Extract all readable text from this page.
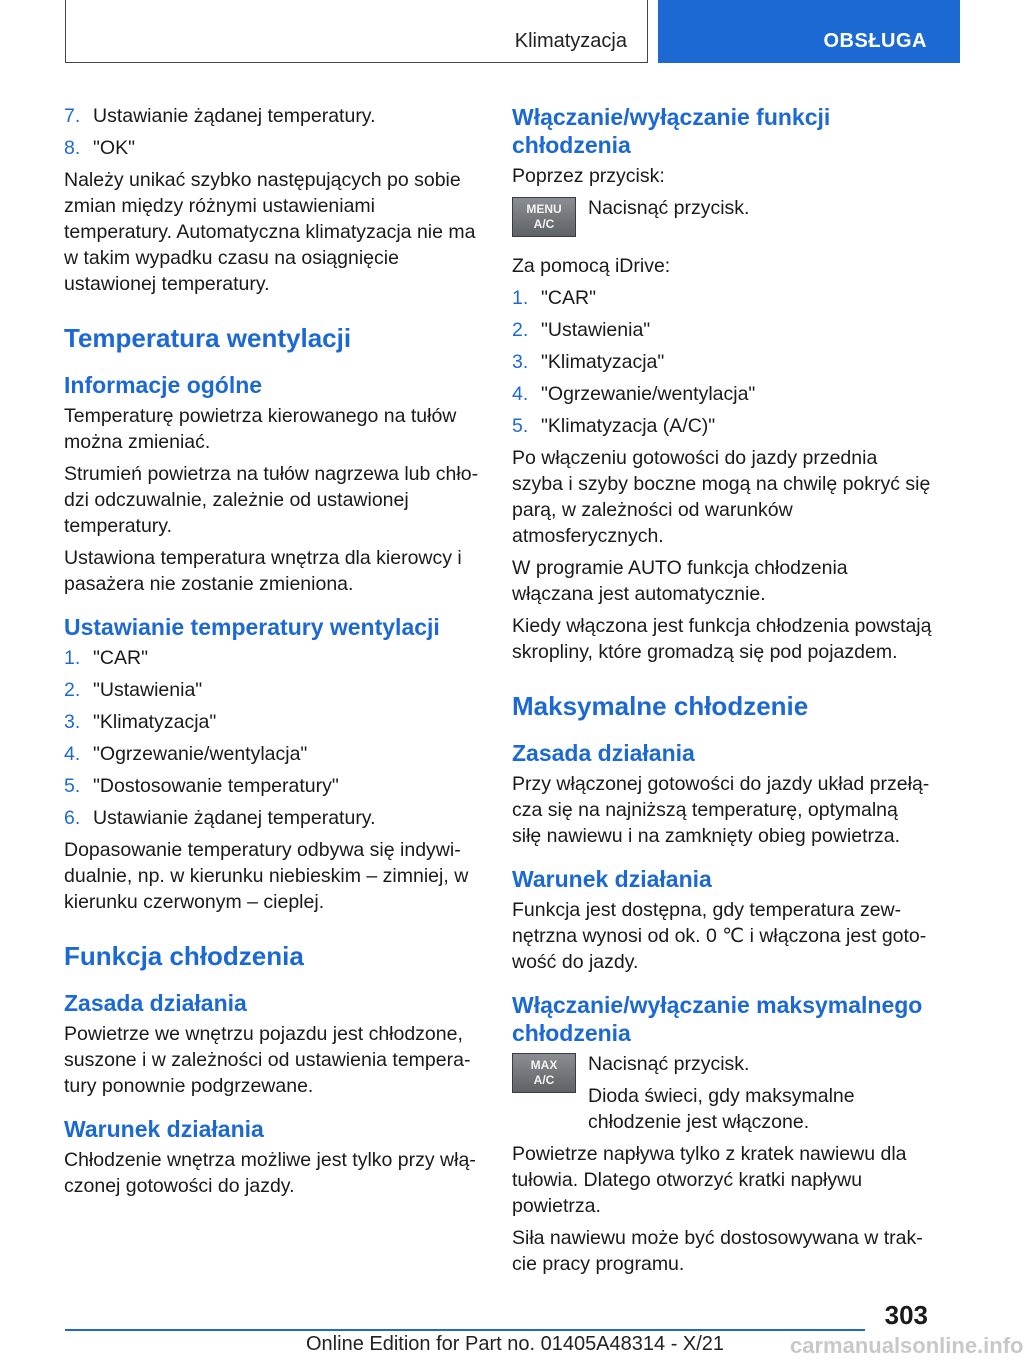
Klimatyzacja	OBSŁUGA
7. Ustawianie żądanej temperatury.
8. "OK"

Należy unikać szybko następujących po sobie zmian między różnymi ustawieniami temperatury. Automatyczna klimatyzacja nie ma w takim wypadku czasu na osiągnięcie ustawionej temperatury.

Temperatura wentylacji
Informacje ogólne

Temperaturę powietrza kierowanego na tułów można zmieniać.

Strumień powietrza na tułów nagrzewa lub chłodzi odczuwalnie, zależnie od ustawionej temperatury.

Ustawiona temperatura wnętrza dla kierowcy i pasażera nie zostanie zmieniona.

Ustawianie temperatury wentylacji
1. "CAR"
2. "Ustawienia"
3. "Klimatyzacja"
4. "Ogrzewanie/wentylacja"
5. "Dostosowanie temperatury"
6. Ustawianie żądanej temperatury.

Dopasowanie temperatury odbywa się indywidualnie, np. w kierunku niebieskim – zimniej, w kierunku czerwonym – cieplej.

Funkcja chłodzenia
Zasada działania

Powietrze we wnętrzu pojazdu jest chłodzone, suszone i w zależności od ustawienia temperatury ponownie podgrzewane.

Warunek działania

Chłodzenie wnętrza możliwe jest tylko przy włączonej gotowości do jazdy.

Włączanie/wyłączanie funkcji chłodzenia

Poprzez przycisk:

MENU
A/C

Nacisnąć przycisk.

Za pomocą iDrive:

1. "CAR"
2. "Ustawienia"
3. "Klimatyzacja"
4. "Ogrzewanie/wentylacja"
5. "Klimatyzacja (A/C)"

Po włączeniu gotowości do jazdy przednia szyba i szyby boczne mogą na chwilę pokryć się parą, w zależności od warunków atmosferycznych.

W programie AUTO funkcja chłodzenia włączana jest automatycznie.

Kiedy włączona jest funkcja chłodzenia powstają skropliny, które gromadzą się pod pojazdem.

Maksymalne chłodzenie
Zasada działania

Przy włączonej gotowości do jazdy układ przełącza się na najniższą temperaturę, optymalną siłę nawiewu i na zamknięty obieg powietrza.

Warunek działania

Funkcja jest dostępna, gdy temperatura zewnętrzna wynosi od ok. 0 ℃ i włączona jest gotowość do jazdy.

Włączanie/wyłączanie maksymalnego chłodzenia
MAX
A/C

Nacisnąć przycisk.

Dioda świeci, gdy maksymalne chłodzenie jest włączone.

Powietrze napływa tylko z kratek nawiewu dla tułowia. Dlatego otworzyć kratki napływu powietrza.

Siła nawiewu może być dostosowywana w trakcie pracy programu.

303
Online Edition for Part no. 01405A48314 - X/21	carmanualsonline.info
